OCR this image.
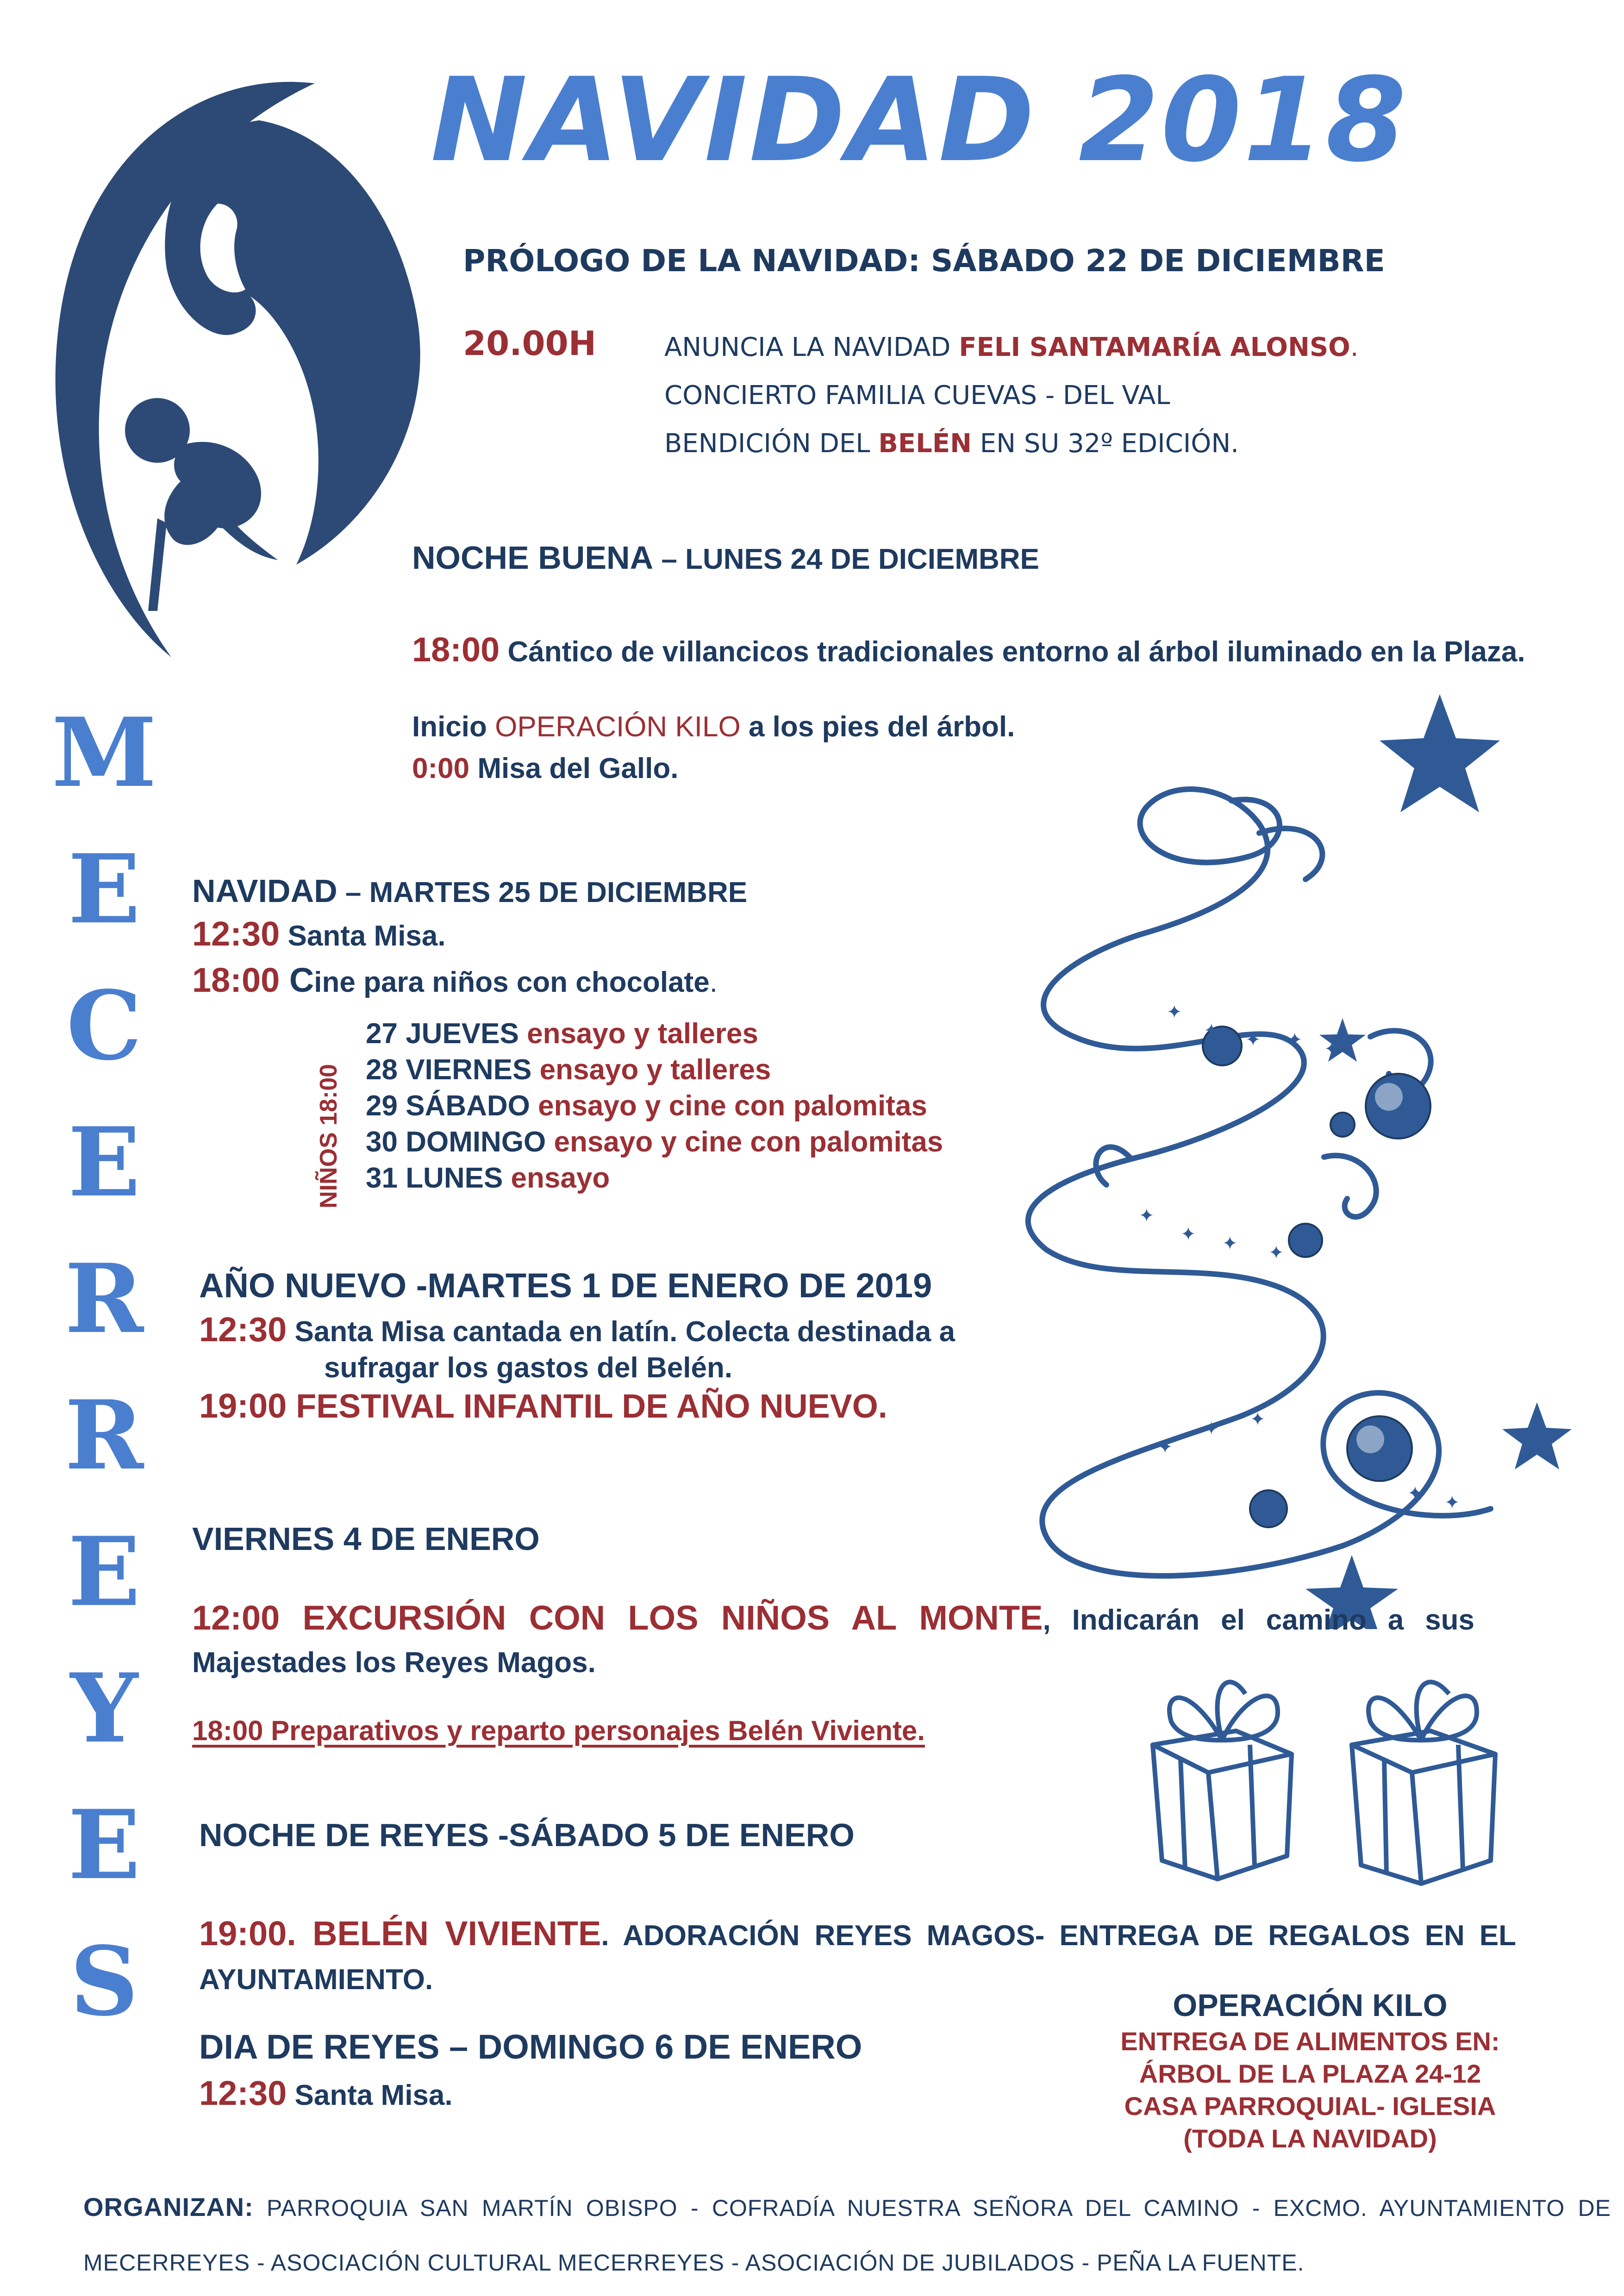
✦
✦ ✦ ✦ ✦
✦
✦ ✦ ✦
✦
✦ ✦
✦ ✦
NAVIDAD 2018
M
E
C
E
R
R
E
Y
E
S
PRÓLOGO DE LA NAVIDAD: SÁBADO 22 DE DICIEMBRE
20.00H	ANUNCIA LA NAVIDAD FELI SANTAMARÍA ALONSO.
CONCIERTO FAMILIA CUEVAS - DEL VAL
BENDICIÓN DEL BELÉN EN SU 32º EDICIÓN.
NOCHE BUENA – LUNES 24 DE DICIEMBRE
18:00 Cántico de villancicos tradicionales entorno al árbol iluminado en la Plaza.
Inicio OPERACIÓN KILO a los pies del árbol.
0:00 Misa del Gallo.
NAVIDAD – MARTES 25 DE DICIEMBRE
12:30 Santa Misa.
18:00 Cine para niños con chocolate.
NIÑOS 18:00
27 JUEVES ensayo y talleres
28 VIERNES ensayo y talleres
29 SÁBADO ensayo y cine con palomitas
30 DOMINGO ensayo y cine con palomitas
31 LUNES ensayo
AÑO NUEVO -MARTES 1 DE ENERO DE 2019
12:30 Santa Misa cantada en latín. Colecta destinada a
sufragar los gastos del Belén.
19:00 FESTIVAL INFANTIL DE AÑO NUEVO.
VIERNES 4 DE ENERO
12:00 EXCURSIÓN CON LOS NIÑOS AL MONTE, Indicarán el camino a sus Majestades los Reyes Magos.
18:00 Preparativos y reparto personajes Belén Viviente.
NOCHE DE REYES -SÁBADO 5 DE ENERO
19:00. BELÉN VIVIENTE. ADORACIÓN REYES MAGOS- ENTREGA DE REGALOS EN EL AYUNTAMIENTO.
DIA DE REYES – DOMINGO 6 DE ENERO
12:30 Santa Misa.
OPERACIÓN KILO
ENTREGA DE ALIMENTOS EN:
ÁRBOL DE LA PLAZA 24-12
CASA PARROQUIAL- IGLESIA
(TODA LA NAVIDAD)
ORGANIZAN: PARROQUIA SAN MARTÍN OBISPO - COFRADÍA NUESTRA SEÑORA DEL CAMINO - EXCMO. AYUNTAMIENTO DE MECERREYES - ASOCIACIÓN CULTURAL MECERREYES - ASOCIACIÓN DE JUBILADOS - PEÑA LA FUENTE.
